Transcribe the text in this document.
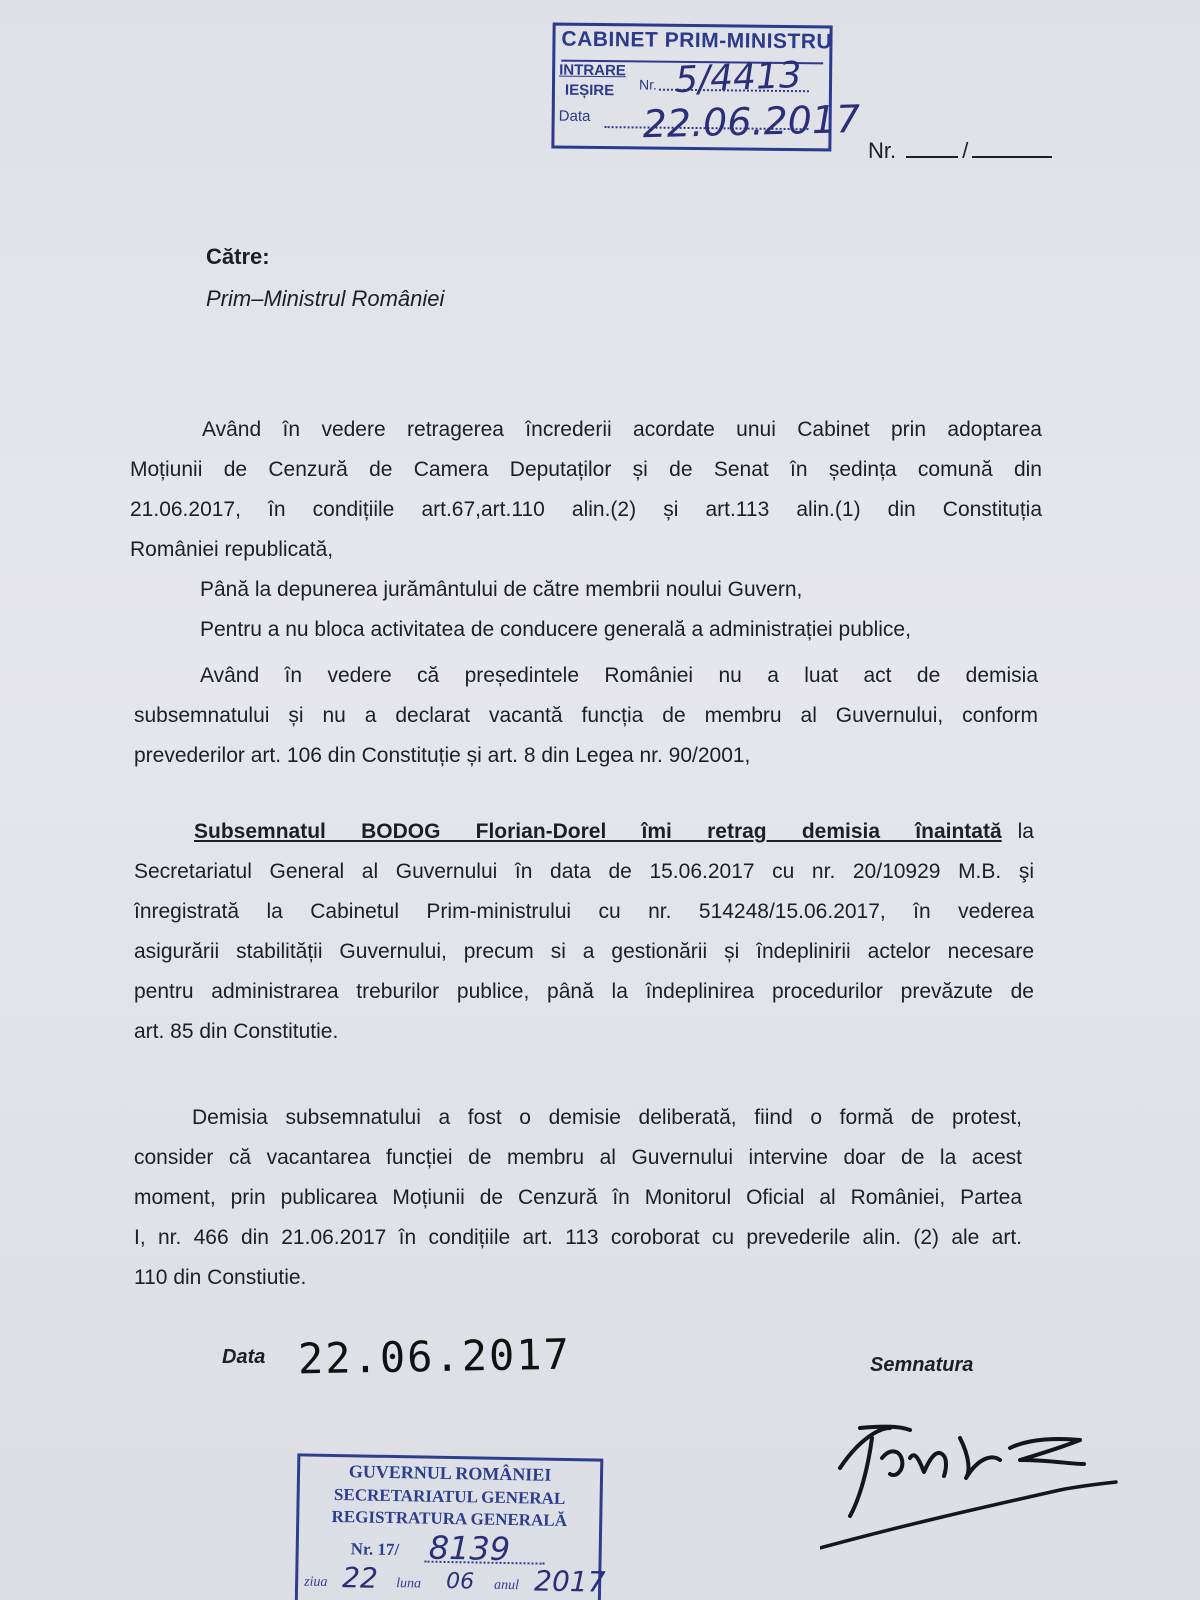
CABINET PRIM-MINISTRU
INTRARE
IEȘIRE Nr.
Data
5/4413
22.06.2017
Nr.	/
Către:
Prim–Ministrul României
Având în vedere retragerea încrederii acordate unui Cabinet prin adoptarea
Moțiunii de Cenzură de Camera Deputaților și de Senat în ședința comună din
21.06.2017, în condițiile art.67,art.110 alin.(2) și art.113 alin.(1) din Constituția
României republicată,
Până la depunerea jurământului de către membrii noului Guvern,
Pentru a nu bloca activitatea de conducere generală a administrației publice,
Având în vedere că președintele României nu a luat act de demisia
subsemnatului și nu a declarat vacantă funcția de membru al Guvernului, conform
prevederilor art. 106 din Constituție și art. 8 din Legea nr. 90/2001,
Subsemnatul BODOG Florian-Dorel îmi retrag demisia înaintată la
Secretariatul General al Guvernului în data de 15.06.2017 cu nr. 20/10929 M.B. şi
înregistrată la Cabinetul Prim-ministrului cu nr. 514248/15.06.2017, în vederea
asigurării stabilității Guvernului, precum si a gestionării și îndeplinirii actelor necesare
pentru administrarea treburilor publice, până la îndeplinirea procedurilor prevăzute de
art. 85 din Constitutie.
Demisia subsemnatului a fost o demisie deliberată, fiind o formă de protest,
consider că vacantarea funcției de membru al Guvernului intervine doar de la acest
moment, prin publicarea Moțiunii de Cenzură în Monitorul Oficial al României, Partea
I, nr. 466 din 21.06.2017 în condițiile art. 113 coroborat cu prevederile alin. (2) ale art.
110 din Constiutie.
Data 22.06.2017	Semnatura
GUVERNUL ROMÂNIEI
SECRETARIATUL GENERAL
REGISTRATURA GENERALĂ
Nr. 17/ 8139
ziua 22 luna 06 anul 2017
